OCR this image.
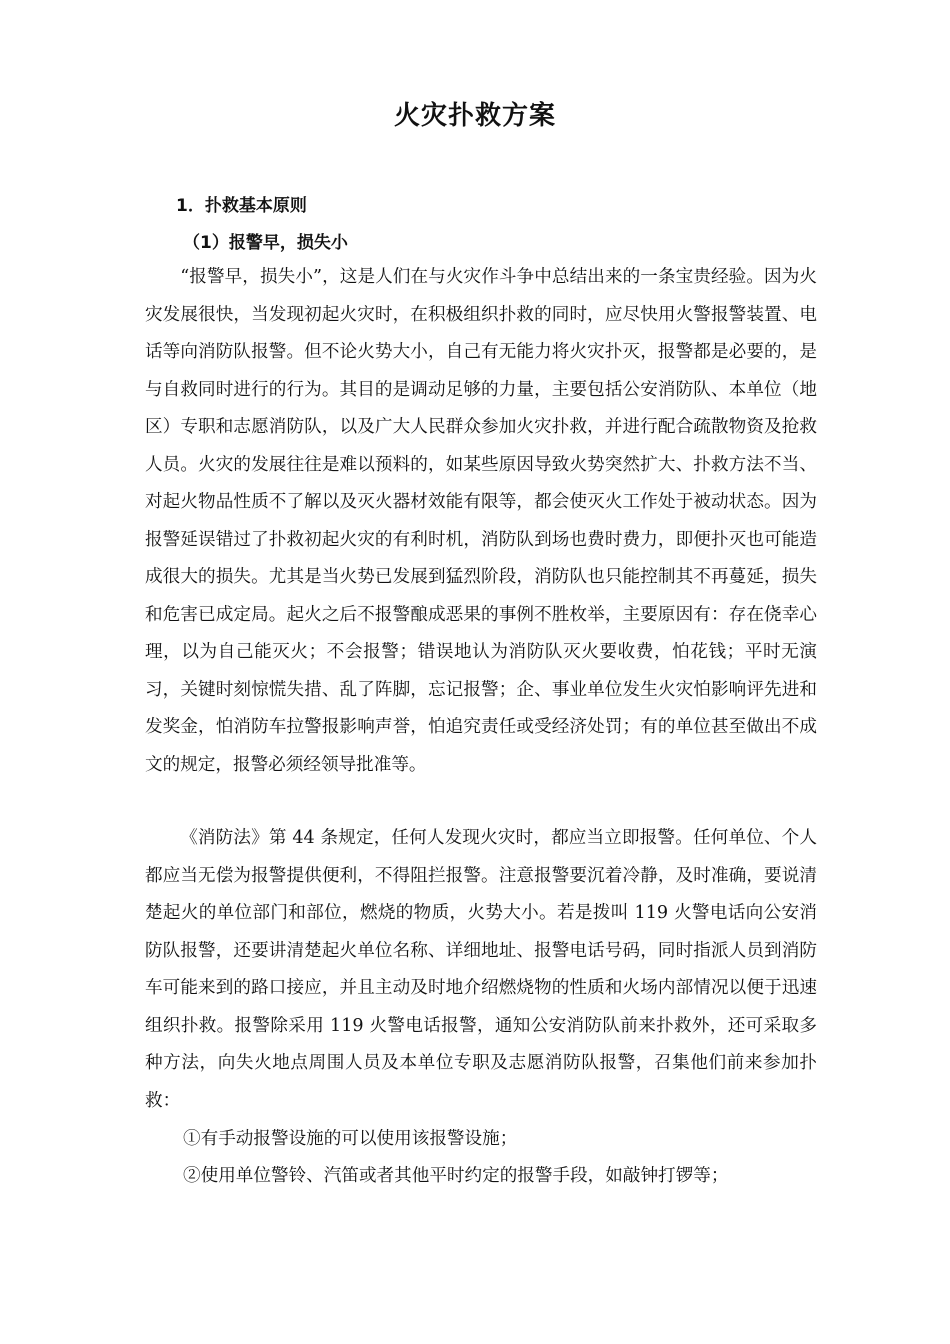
火灾扑救方案
1．扑救基本原则
（1）报警早，损失小

“报警早，损失小”，这是人们在与火灾作斗争中总结出来的一条宝贵经验。因为火灾发展很快，当发现初起火灾时，在积极组织扑救的同时，应尽快用火警报警装置、电话等向消防队报警。但不论火势大小，自己有无能力将火灾扑灭，报警都是必要的，是与自救同时进行的行为。其目的是调动足够的力量，主要包括公安消防队、本单位（地区）专职和志愿消防队，以及广大人民群众参加火灾扑救，并进行配合疏散物资及抢救人员。火灾的发展往往是难以预料的，如某些原因导致火势突然扩大、扑救方法不当、对起火物品性质不了解以及灭火器材效能有限等，都会使灭火工作处于被动状态。因为报警延误错过了扑救初起火灾的有利时机，消防队到场也费时费力，即便扑灭也可能造成很大的损失。尤其是当火势已发展到猛烈阶段，消防队也只能控制其不再蔓延，损失和危害已成定局。起火之后不报警酿成恶果的事例不胜枚举，主要原因有：存在侥幸心理，以为自己能灭火；不会报警；错误地认为消防队灭火要收费，怕花钱；平时无演习，关键时刻惊慌失措、乱了阵脚，忘记报警；企、事业单位发生火灾怕影响评先进和发奖金，怕消防车拉警报影响声誉，怕追究责任或受经济处罚；有的单位甚至做出不成文的规定，报警必须经领导批准等。

《消防法》第 44 条规定，任何人发现火灾时，都应当立即报警。任何单位、个人都应当无偿为报警提供便利，不得阻拦报警。注意报警要沉着冷静，及时准确，要说清楚起火的单位部门和部位，燃烧的物质，火势大小。若是拨叫 119 火警电话向公安消防队报警，还要讲清楚起火单位名称、详细地址、报警电话号码，同时指派人员到消防车可能来到的路口接应，并且主动及时地介绍燃烧物的性质和火场内部情况以便于迅速组织扑救。报警除采用 119 火警电话报警，通知公安消防队前来扑救外，还可采取多种方法，向失火地点周围人员及本单位专职及志愿消防队报警，召集他们前来参加扑救：

①有手动报警设施的可以使用该报警设施；
②使用单位警铃、汽笛或者其他平时约定的报警手段，如敲钟打锣等；
